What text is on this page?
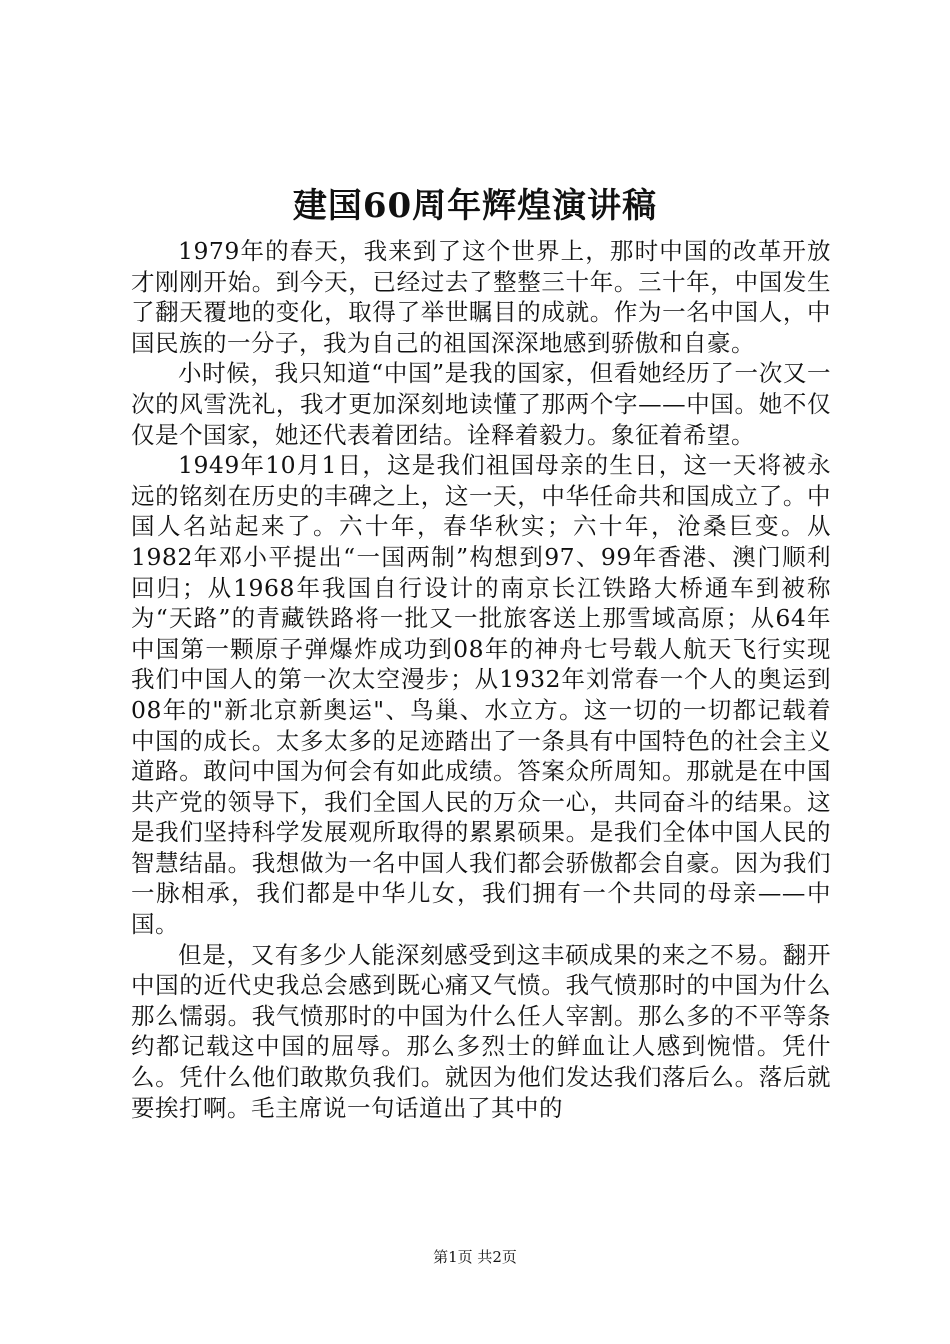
建国60周年辉煌演讲稿

1979年的春天，我来到了这个世界上，那时中国的改革开放才刚刚开始。到今天，已经过去了整整三十年。三十年，中国发生了翻天覆地的变化，取得了举世瞩目的成就。作为一名中国人，中国民族的一分子，我为自己的祖国深深地感到骄傲和自豪。

小时候，我只知道“中国”是我的国家，但看她经历了一次又一次的风雪洗礼，我才更加深刻地读懂了那两个字——中国。她不仅仅是个国家，她还代表着团结。诠释着毅力。象征着希望。

1949年10月1日，这是我们祖国母亲的生日，这一天将被永远的铭刻在历史的丰碑之上，这一天，中华任命共和国成立了。中国人名站起来了。六十年，春华秋实；六十年，沧桑巨变。从1982年邓小平提出“一国两制”构想到97、99年香港、澳门顺利回归；从1968年我国自行设计的南京长江铁路大桥通车到被称为“天路”的青藏铁路将一批又一批旅客送上那雪域高原；从64年中国第一颗原子弹爆炸成功到08年的神舟七号载人航天飞行实现我们中国人的第一次太空漫步；从1932年刘常春一个人的奥运到08年的"新北京新奥运"、鸟巢、水立方。这一切的一切都记载着中国的成长。太多太多的足迹踏出了一条具有中国特色的社会主义道路。敢问中国为何会有如此成绩。答案众所周知。那就是在中国共产党的领导下，我们全国人民的万众一心，共同奋斗的结果。这是我们坚持科学发展观所取得的累累硕果。是我们全体中国人民的智慧结晶。我想做为一名中国人我们都会骄傲都会自豪。因为我们一脉相承，我们都是中华儿女，我们拥有一个共同的母亲——中国。

但是，又有多少人能深刻感受到这丰硕成果的来之不易。翻开中国的近代史我总会感到既心痛又气愤。我气愤那时的中国为什么那么懦弱。我气愤那时的中国为什么任人宰割。那么多的不平等条约都记载这中国的屈辱。那么多烈士的鲜血让人感到惋惜。凭什么。凭什么他们敢欺负我们。就因为他们发达我们落后么。落后就要挨打啊。毛主席说一句话道出了其中的

第1页 共2页
